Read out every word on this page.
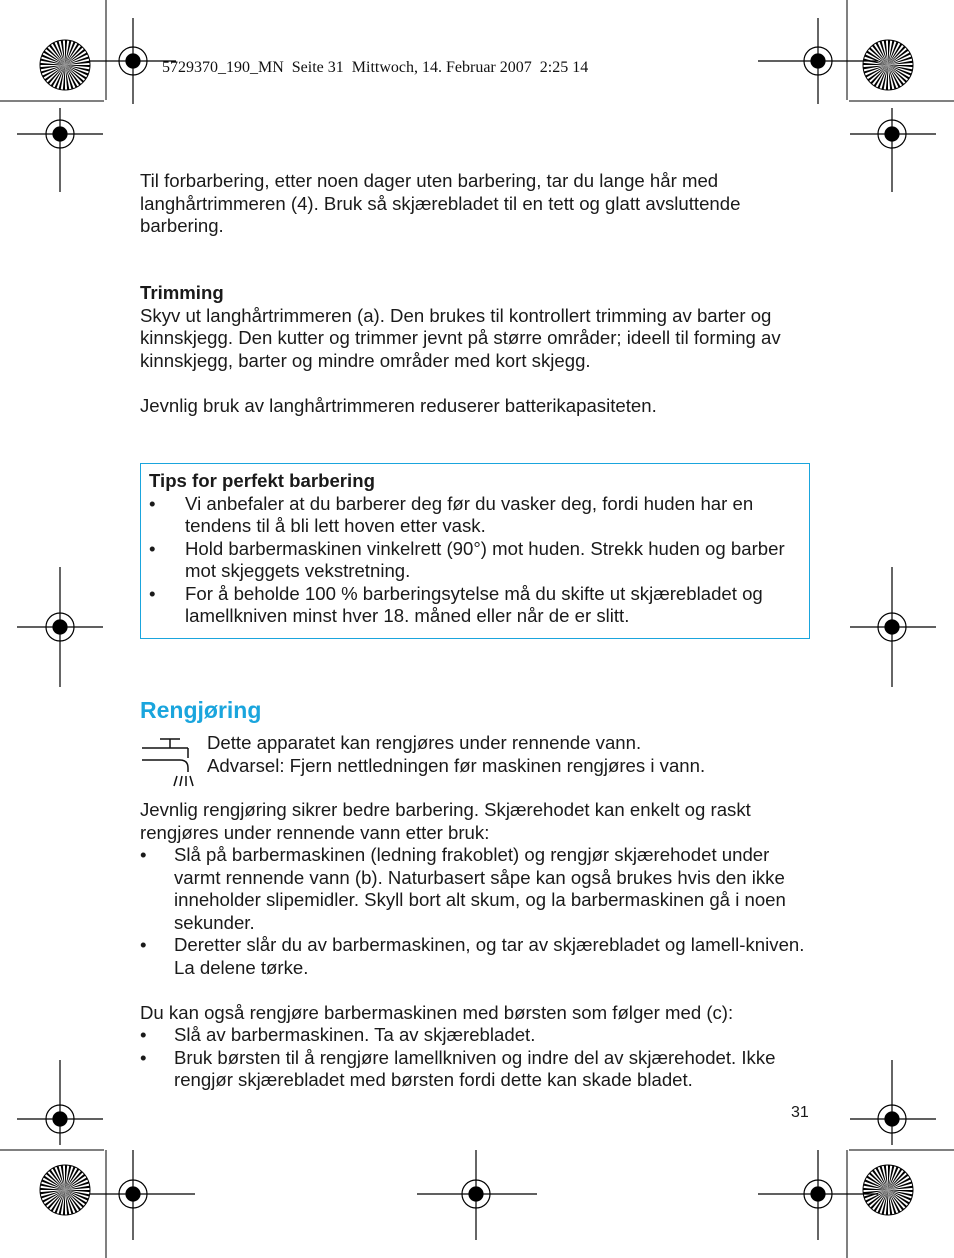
5729370_190_MN  Seite 31  Mittwoch, 14. Februar 2007  2:25 14

Til forbarbering, etter noen dager uten barbering, tar du lange hår med langhårtrimmeren (4). Bruk så skjærebladet til en tett og glatt avsluttende barbering.

Trimming

Skyv ut langhårtrimmeren (a). Den brukes til kontrollert trimming av barter og kinnskjegg. Den kutter og trimmer jevnt på større områder; ideell til forming av kinnskjegg, barter og mindre områder med kort skjegg.

Jevnlig bruk av langhårtrimmeren reduserer batterikapasiteten.

Tips for perfekt barbering

•	Vi anbefaler at du barberer deg før du vasker deg, fordi huden har en tendens til å bli lett hoven etter vask.
•	Hold barbermaskinen vinkelrett (90°) mot huden. Strekk huden og barber mot skjeggets vekstretning.
•	For å beholde 100 % barberingsytelse må du skifte ut skjærebladet og lamellkniven minst hver 18. måned eller når de er slitt.
Rengjøring

Dette apparatet kan rengjøres under rennende vann.

Advarsel: Fjern nettledningen før maskinen rengjøres i vann.

Jevnlig rengjøring sikrer bedre barbering. Skjærehodet kan enkelt og raskt rengjøres under rennende vann etter bruk:

•	Slå på barbermaskinen (ledning frakoblet) og rengjør skjærehodet under varmt rennende vann (b). Naturbasert såpe kan også brukes hvis den ikke inneholder slipemidler. Skyll bort alt skum, og la barbermaskinen gå i noen sekunder.
•	Deretter slår du av barbermaskinen, og tar av skjærebladet og lamell-kniven. La delene tørke.

Du kan også rengjøre barbermaskinen med børsten som følger med (c):

•	Slå av barbermaskinen. Ta av skjærebladet.
•	Bruk børsten til å rengjøre lamellkniven og indre del av skjærehodet. Ikke rengjør skjærebladet med børsten fordi dette kan skade bladet.
31
